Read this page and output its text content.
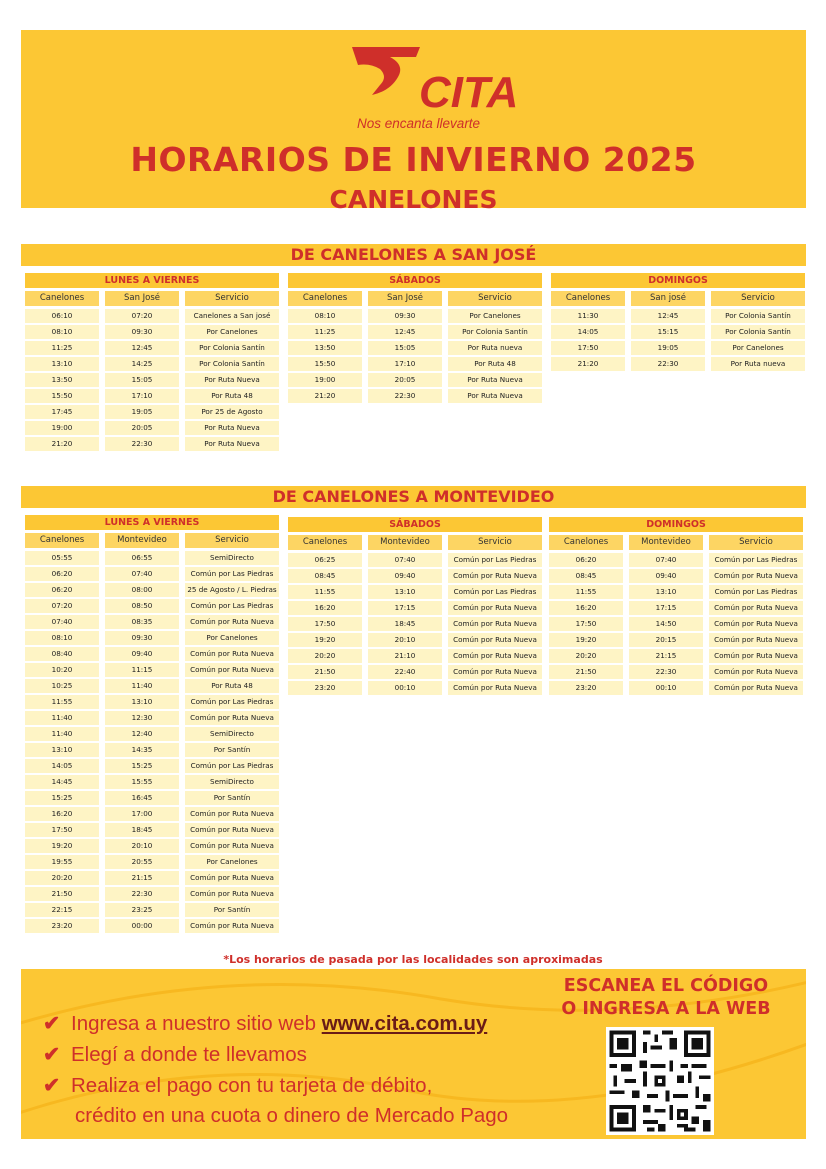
CITA
Nos encanta llevarte
HORARIOS DE INVIERNO 2025
CANELONES
DE CANELONES A SAN JOSÉ
DE CANELONES A MONTEVIDEO
LUNES A VIERNES
Canelones	San José	Servicio
06:10	07:20	Canelones a San josé
08:10	09:30	Por Canelones
11:25	12:45	Por Colonia Santín
13:10	14:25	Por Colonia Santín
13:50	15:05	Por Ruta Nueva
15:50	17:10	Por Ruta 48
17:45	19:05	Por 25 de Agosto
19:00	20:05	Por Ruta Nueva
21:20	22:30	Por Ruta Nueva
SÁBADOS
Canelones	San José	Servicio
08:10	09:30	Por Canelones
11:25	12:45	Por Colonia Santín
13:50	15:05	Por Ruta nueva
15:50	17:10	Por Ruta 48
19:00	20:05	Por Ruta Nueva
21:20	22:30	Por Ruta Nueva
DOMINGOS
Canelones	San josé	Servicio
11:30	12:45	Por Colonia Santín
14:05	15:15	Por Colonia Santín
17:50	19:05	Por Canelones
21:20	22:30	Por Ruta nueva
LUNES A VIERNES
Canelones	Montevideo	Servicio
05:55	06:55	SemiDirecto
06:20	07:40	Común por Las Piedras
06:20	08:00	25 de Agosto / L. Piedras
07:20	08:50	Común por Las Piedras
07:40	08:35	Común por Ruta Nueva
08:10	09:30	Por Canelones
08:40	09:40	Común por Ruta Nueva
10:20	11:15	Común por Ruta Nueva
10:25	11:40	Por Ruta 48
11:55	13:10	Común por Las Piedras
11:40	12:30	Común por Ruta Nueva
11:40	12:40	SemiDirecto
13:10	14:35	Por Santín
14:05	15:25	Común por Las Piedras
14:45	15:55	SemiDirecto
15:25	16:45	Por Santín
16:20	17:00	Común por Ruta Nueva
17:50	18:45	Común por Ruta Nueva
19:20	20:10	Común por Ruta Nueva
19:55	20:55	Por Canelones
20:20	21:15	Común por Ruta Nueva
21:50	22:30	Común por Ruta Nueva
22:15	23:25	Por Santín
23:20	00:00	Común por Ruta Nueva
SÁBADOS
Canelones	Montevideo	Servicio
06:25	07:40	Común por Las Piedras
08:45	09:40	Común por Ruta Nueva
11:55	13:10	Común por Las Piedras
16:20	17:15	Común por Ruta Nueva
17:50	18:45	Común por Ruta Nueva
19:20	20:10	Común por Ruta Nueva
20:20	21:10	Común por Ruta Nueva
21:50	22:40	Común por Ruta Nueva
23:20	00:10	Común por Ruta Nueva
DOMINGOS
Canelones	Montevideo	Servicio
06:20	07:40	Común por Las Piedras
08:45	09:40	Común por Ruta Nueva
11:55	13:10	Común por Las Piedras
16:20	17:15	Común por Ruta Nueva
17:50	14:50	Común por Ruta Nueva
19:20	20:15	Común por Ruta Nueva
20:20	21:15	Común por Ruta Nueva
21:50	22:30	Común por Ruta Nueva
23:20	00:10	Común por Ruta Nueva
*Los horarios de pasada por las localidades son aproximadas
ESCANEA EL CÓDIGO
O INGRESA A LA WEB
✔ Ingresa a nuestro sitio web www.cita.com.uy
✔ Elegí a donde te llevamos
✔ Realiza el pago con tu tarjeta de débito,
crédito en una cuota o dinero de Mercado Pago
